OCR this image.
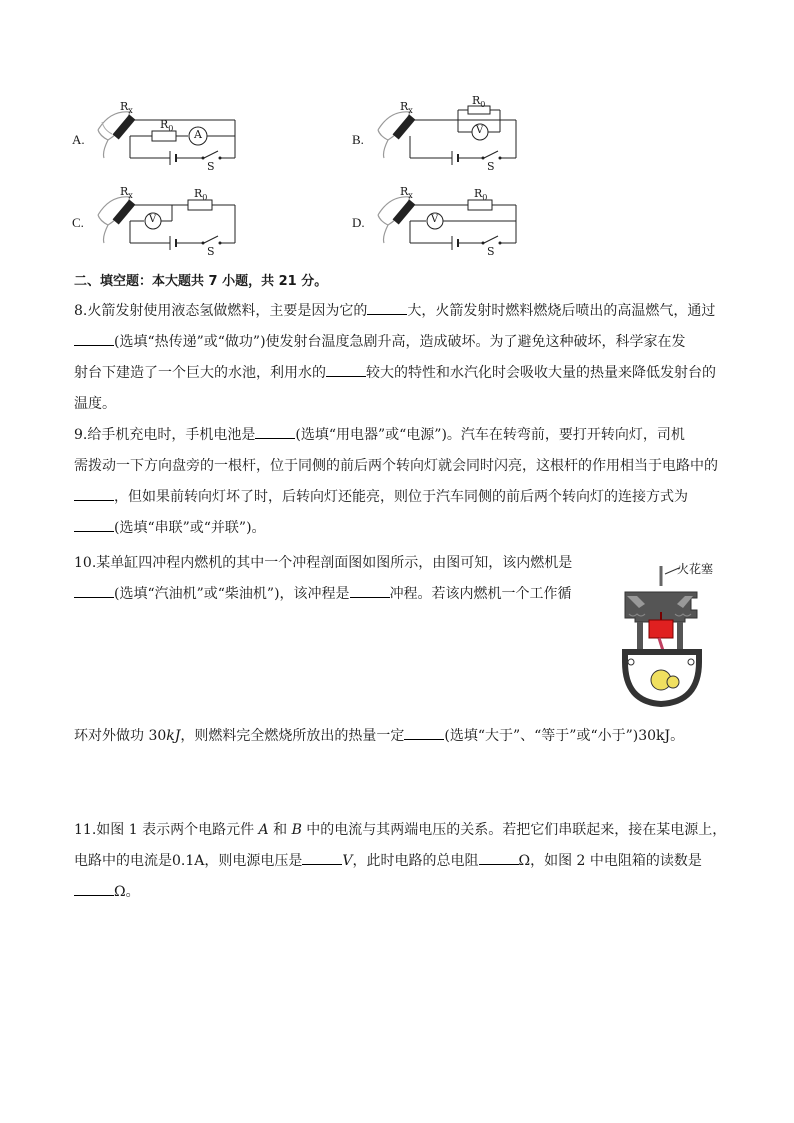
A.
$R_x$
$R_0$ A
S
B.
$R_x$
$R_0$
V
S
C.
$R_x$	$R_0$
V
S
D.
$R_x$	$R_0$
V
S
二、填空题：本大题共 7 小题，共 21 分。
8.火箭发射使用液态氢做燃料，主要是因为它的	大，火箭发射时燃料燃烧后喷出的高温燃气，通过
(选填“热传递”或“做功”)使发射台温度急剧升高，造成破坏。为了避免这种破坏，科学家在发
射台下建造了一个巨大的水池，利用水的	较大的特性和水汽化时会吸收大量的热量来降低发射台的
温度。
9.给手机充电时，手机电池是	(选填“用电器”或“电源”)。汽车在转弯前，要打开转向灯，司机
需拨动一下方向盘旁的一根杆，位于同侧的前后两个转向灯就会同时闪亮，这根杆的作用相当于电路中的
，但如果前转向灯坏了时，后转向灯还能亮，则位于汽车同侧的前后两个转向灯的连接方式为
(选填“串联”或“并联”)。
10.某单缸四冲程内燃机的其中一个冲程剖面图如图所示，由图可知，该内燃机是
(选填“汽油机”或“柴油机”)，该冲程是	冲程。若该内燃机一个工作循
环对外做功 30kJ，则燃料完全燃烧所放出的热量一定	(选填“大于”、“等于”或“小于”)30kJ。
火花塞
11.如图 1 表示两个电路元件 A 和 B 中的电流与其两端电压的关系。若把它们串联起来，接在某电源上，
电路中的电流是0.1A，则电源电压是	V，此时电路的总电阻	Ω，如图 2 中电阻箱的读数是
Ω。
